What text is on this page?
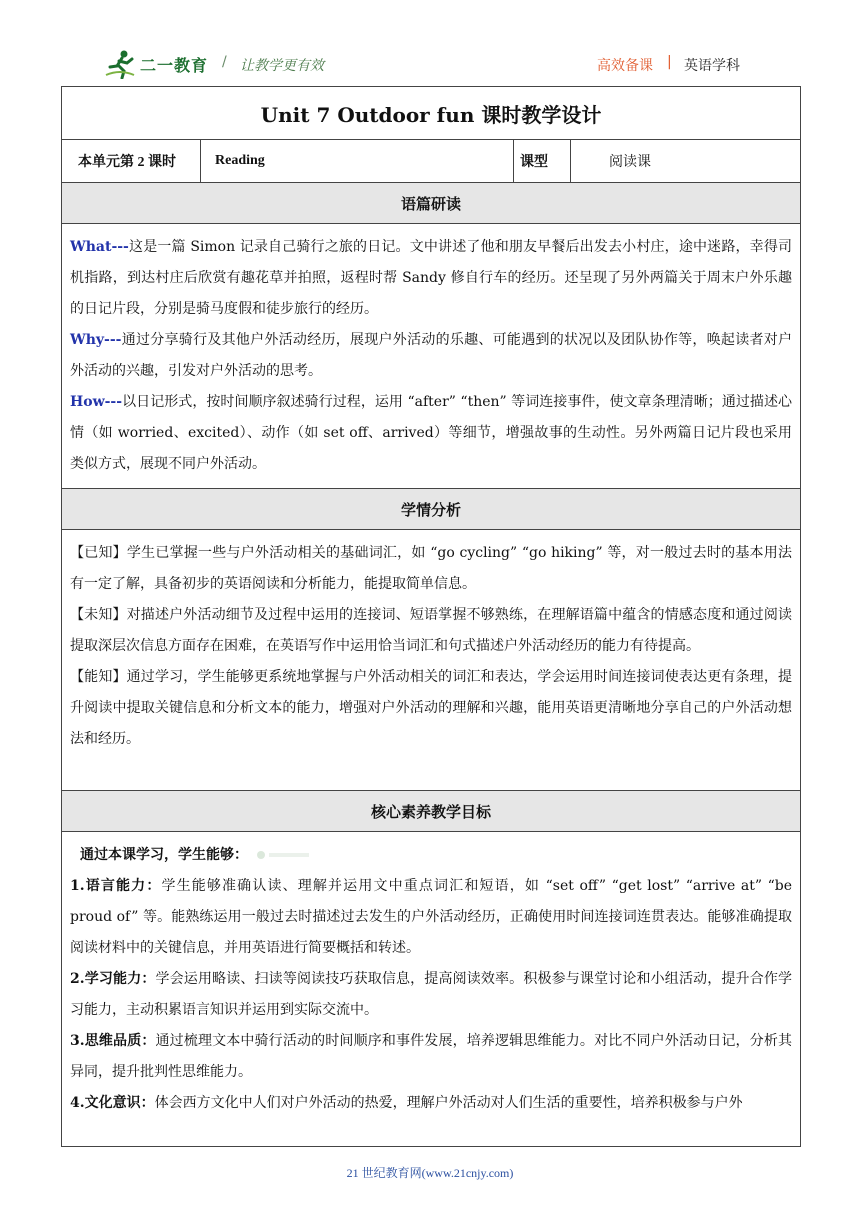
二一教育 / 让教学更有效	高效备课 | 英语学科
Unit 7 Outdoor fun 课时教学设计
本单元第 2 课时	Reading	课型	阅读课
语篇研读

What---这是一篇 Simon 记录自己骑行之旅的日记。文中讲述了他和朋友早餐后出发去小村庄，途中迷路，幸得司机指路，到达村庄后欣赏有趣花草并拍照，返程时帮 Sandy 修自行车的经历。还呈现了另外两篇关于周末户外乐趣的日记片段，分别是骑马度假和徒步旅行的经历。

Why---通过分享骑行及其他户外活动经历，展现户外活动的乐趣、可能遇到的状况以及团队协作等，唤起读者对户外活动的兴趣，引发对户外活动的思考。

How---以日记形式，按时间顺序叙述骑行过程，运用 “after” “then” 等词连接事件，使文章条理清晰；通过描述心情（如 worried、excited）、动作（如 set off、arrived）等细节，增强故事的生动性。另外两篇日记片段也采用类似方式，展现不同户外活动。

学情分析

【已知】学生已掌握一些与户外活动相关的基础词汇，如 “go cycling” “go hiking” 等，对一般过去时的基本用法有一定了解，具备初步的英语阅读和分析能力，能提取简单信息。

【未知】对描述户外活动细节及过程中运用的连接词、短语掌握不够熟练，在理解语篇中蕴含的情感态度和通过阅读提取深层次信息方面存在困难，在英语写作中运用恰当词汇和句式描述户外活动经历的能力有待提高。

【能知】通过学习，学生能够更系统地掌握与户外活动相关的词汇和表达，学会运用时间连接词使表达更有条理，提升阅读中提取关键信息和分析文本的能力，增强对户外活动的理解和兴趣，能用英语更清晰地分享自己的户外活动想法和经历。

核心素养教学目标

通过本课学习，学生能够：

1.语言能力：学生能够准确认读、理解并运用文中重点词汇和短语，如 “set off” “get lost” “arrive at” “be proud of” 等。能熟练运用一般过去时描述过去发生的户外活动经历，正确使用时间连接词连贯表达。能够准确提取阅读材料中的关键信息，并用英语进行简要概括和转述。

2.学习能力：学会运用略读、扫读等阅读技巧获取信息，提高阅读效率。积极参与课堂讨论和小组活动，提升合作学习能力，主动积累语言知识并运用到实际交流中。

3.思维品质：通过梳理文本中骑行活动的时间顺序和事件发展，培养逻辑思维能力。对比不同户外活动日记，分析其异同，提升批判性思维能力。

4.文化意识：体会西方文化中人们对户外活动的热爱，理解户外活动对人们生活的重要性，培养积极参与户外

21 世纪教育网(www.21cnjy.com)
